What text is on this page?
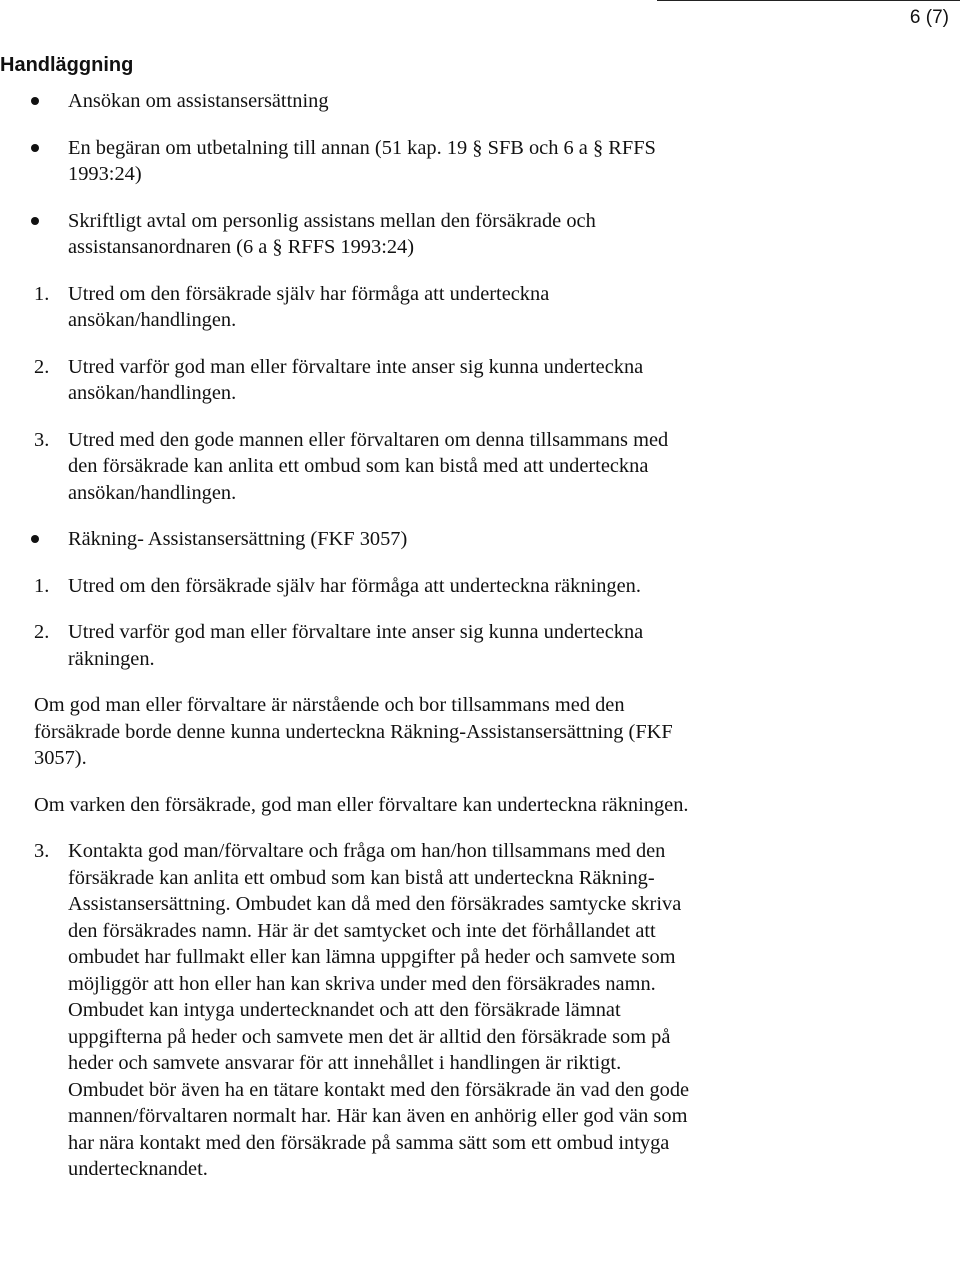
6 (7)
Handläggning
Ansökan om assistansersättning
En begäran om utbetalning till annan (51 kap. 19 § SFB och 6 a § RFFS 1993:24)
Skriftligt avtal om personlig assistans mellan den försäkrade och assistansanordnaren (6 a § RFFS 1993:24)
1. Utred om den försäkrade själv har förmåga att underteckna ansökan/handlingen.
2. Utred varför god man eller förvaltare inte anser sig kunna underteckna ansökan/handlingen.
3. Utred med den gode mannen eller förvaltaren om denna tillsammans med den försäkrade kan anlita ett ombud som kan bistå med att underteckna ansökan/handlingen.
Räkning- Assistansersättning (FKF 3057)
1. Utred om den försäkrade själv har förmåga att underteckna räkningen.
2. Utred varför god man eller förvaltare inte anser sig kunna underteckna räkningen.

Om god man eller förvaltare är närstående och bor tillsammans med den försäkrade borde denne kunna underteckna Räkning-Assistansersättning (FKF 3057).

Om varken den försäkrade, god man eller förvaltare kan underteckna räkningen.

3. Kontakta god man/förvaltare och fråga om han/hon tillsammans med den försäkrade kan anlita ett ombud som kan bistå att underteckna Räkning- Assistansersättning. Ombudet kan då med den försäkrades samtycke skriva den försäkrades namn. Här är det samtycket och inte det förhållandet att ombudet har fullmakt eller kan lämna uppgifter på heder och samvete som möjliggör att hon eller han kan skriva under med den försäkrades namn. Ombudet kan intyga undertecknandet och att den försäkrade lämnat uppgifterna på heder och samvete men det är alltid den försäkrade som på heder och samvete ansvarar för att innehållet i handlingen är riktigt. Ombudet bör även ha en tätare kontakt med den försäkrade än vad den gode mannen/förvaltaren normalt har. Här kan även en anhörig eller god vän som har nära kontakt med den försäkrade på samma sätt som ett ombud intyga undertecknandet.
